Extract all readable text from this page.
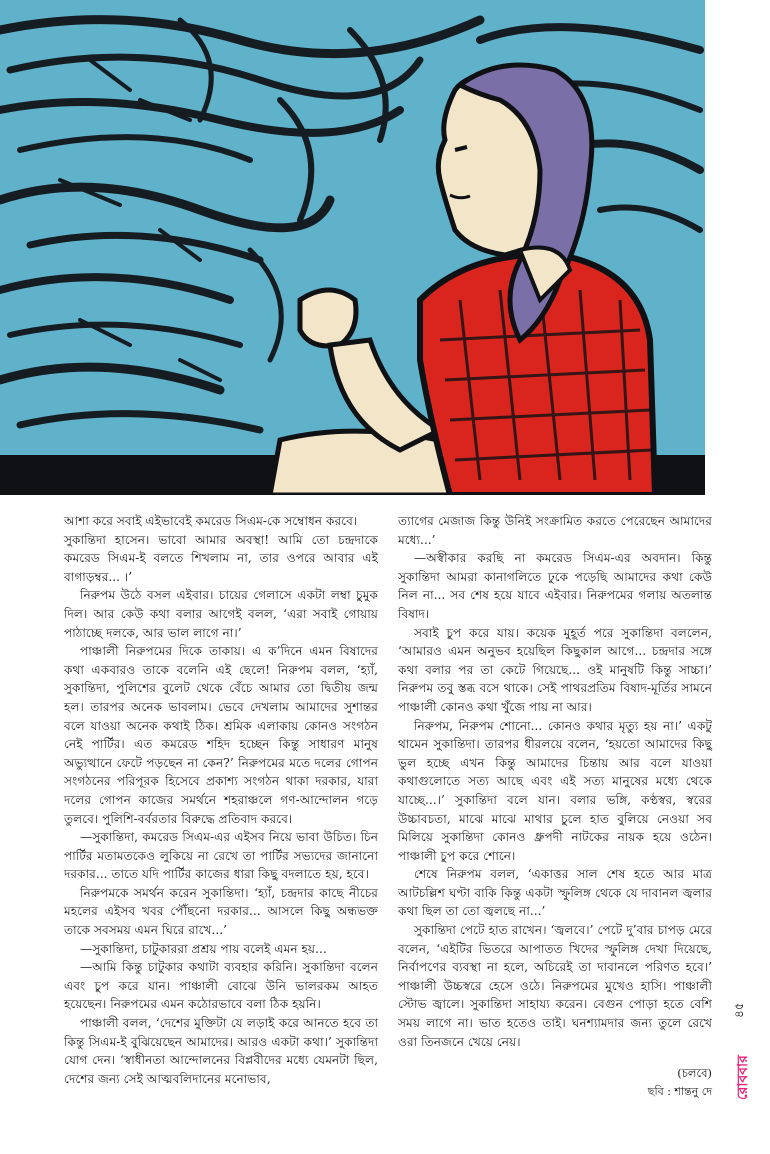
আশা করে সবাই এইভাবেই কমরেড সিএম-কে সম্বোধন করবে।

সুকান্তিদা হাসেন। ভাবো আমার অবস্থা! আমি তো চন্দ্রদাকে কমরেড সিএম-ই বলতে শিখলাম না, তার ওপরে আবার এই বাগাড়ম্বর... ।’

নিরুপম উঠে বসল এইবার। চায়ের গেলাসে একটা লম্বা চুমুক দিল। আর কেউ কথা বলার আগেই বলল, ‘এরা সবাই গোয়ায় পাঠাচ্ছে দলকে, আর ভাল লাগে না।’

পাঞ্চালী নিরুপমের দিকে তাকায়। এ ক’দিনে এমন বিষাদের কথা একবারও তাকে বলেনি এই ছেলে! নিরুপম বলল, ‘হ্যাঁ, সুকান্তিদা, পুলিশের বুলেট থেকে বেঁচে আমার তো দ্বিতীয় জন্ম হল। তারপর অনেক ভাবলাম। ভেবে দেখলাম আমাদের সুশান্তর বলে যাওয়া অনেক কথাই ঠিক। শ্রমিক এলাকায় কোনও সংগঠন নেই পার্টির। এত কমরেড শহিদ হচ্ছেন কিন্তু সাধারণ মানুষ অভ্যুত্থানে ফেটে পড়ছেন না কেন?’ নিরুপমের মতে দলের গোপন সংগঠনের পরিপূরক হিসেবে প্রকাশ্য সংগঠন থাকা দরকার, যারা দলের গোপন কাজের সমর্থনে শহরাঞ্চলে গণ-আন্দোলন গড়ে তুলবে। পুলিশি-বর্বরতার বিরুদ্ধে প্রতিবাদ করবে।

—সুকান্তিদা, কমরেড সিএম-এর এইসব নিয়ে ভাবা উচিত। চিন পার্টির মতামতকেও লুকিয়ে না রেখে তা পার্টির সভ্যদের জানানো দরকার... তাতে যদি পার্টির কাজের ধারা কিছু বদলাতে হয়, হবে।

নিরুপমকে সমর্থন করেন সুকান্তিদা। ‘হ্যাঁ, চন্দ্রদার কাছে নীচের মহলের এইসব খবর পৌঁছনো দরকার... আসলে কিছু অন্ধভক্ত তাকে সবসময় এমন ঘিরে রাখে...’

—সুকান্তিদা, চাটুকাররা প্রশ্রয় পায় বলেই এমন হয়...

—আমি কিন্তু চাটুকার কথাটা ব্যবহার করিনি। সুকান্তিদা বলেন এবং চুপ করে যান। পাঞ্চালী বোঝে উনি ভালরকম আহত হয়েছেন। নিরুপমের এমন কঠোরভাবে বলা ঠিক হয়নি।

পাঞ্চালী বলল, ‘দেশের মুক্তিটা যে লড়াই করে আনতে হবে তা কিন্তু সিএম-ই বুঝিয়েছেন আমাদের। আরও একটা কথা।’ সুকান্তিদা যোগ দেন। ‘স্বাধীনতা আন্দোলনের বিপ্লবীদের মধ্যে যেমনটা ছিল, দেশের জন্য সেই আত্মবলিদানের মনোভাব,

ত্যাগের মেজাজ কিন্তু উনিই সংক্রামিত করতে পেরেছেন আমাদের মধ্যে...’

—অস্বীকার করছি না কমরেড সিএম-এর অবদান। কিন্তু সুকান্তিদা আমরা কানাগলিতে ঢুকে পড়েছি আমাদের কথা কেউ নিল না... সব শেষ হয়ে যাবে এইবার। নিরুপমের গলায় অতলান্ত বিষাদ।

সবাই চুপ করে যায়। কয়েক মুহূর্ত পরে সুকান্তিদা বললেন, ‘আমারও এমন অনুভব হয়েছিল কিছুকাল আগে... চন্দ্রদার সঙ্গে কথা বলার পর তা কেটে গিয়েছে... ওই মানুষটি কিন্তু সাচ্চা।’ নিরুপম তবু স্তব্ধ বসে থাকে। সেই পাথরপ্রতিম বিষাদ-মূর্তির সামনে পাঞ্চালী কোনও কথা খুঁজে পায় না আর।

নিরুপম, নিরুপম শোনো... কোনও কথার মৃত্যু হয় না।’ একটু থামেন সুকান্তিদা। তারপর ধীরলয়ে বলেন, ‘হয়তো আমাদের কিছু ভুল হচ্ছে এখন কিন্তু আমাদের চিন্তায় আর বলে যাওয়া কথাগুলোতে সত্য আছে এবং এই সত্য মানুষের মধ্যে থেকে যাচ্ছে...।’ সুকান্তিদা বলে যান। বলার ভঙ্গি, কণ্ঠস্বর, স্বরের উচ্চাবচতা, মাঝে মাঝে মাথার চুলে হাত বুলিয়ে নেওয়া সব মিলিয়ে সুকান্তিদা কোনও ধ্রুপদী নাটকের নায়ক হয়ে ওঠেন। পাঞ্চালী চুপ করে শোনে।

শেষে নিরুপম বলল, ‘একাত্তর সাল শেষ হতে আর মাত্র আটচল্লিশ ঘণ্টা বাকি কিন্তু একটা স্ফুলিঙ্গ থেকে যে দাবানল জ্বলার কথা ছিল তা তো জ্বলছে না...’

সুকান্তিদা পেটে হাত রাখেন। ‘জ্বলবে।’ পেটে দু’বার চাপড় মেরে বলেন, ‘এইটির ভিতরে আপাতত খিদের স্ফুলিঙ্গ দেখা দিয়েছে, নির্বাপণের ব্যবস্থা না হলে, অচিরেই তা দাবানলে পরিণত হবে।’ পাঞ্চালী উচ্চস্বরে হেসে ওঠে। নিরুপমের মুখেও হাসি। পাঞ্চালী স্টোভ জ্বালে। সুকান্তিদা সাহায্য করেন। বেগুন পোড়া হতে বেশি সময় লাগে না। ভাত হতেও তাই। ঘনশ্যামদার জন্য তুলে রেখে ওরা তিনজনে খেয়ে নেয়।

(চলবে)
ছবি : শান্তনু দে
৪৫
রোববার
